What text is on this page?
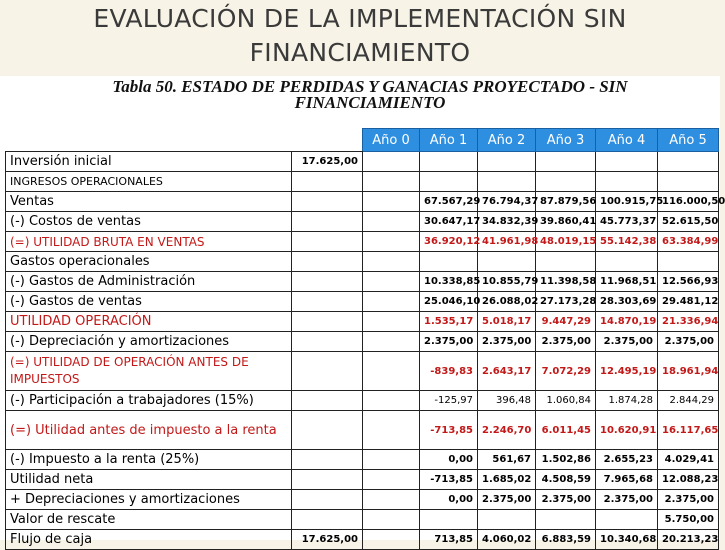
EVALUACIÓN DE LA IMPLEMENTACIÓN SIN
FINANCIAMIENTO
Tabla 50. ESTADO DE PERDIDAS Y GANACIAS PROYECTADO - SIN
FINANCIAMIENTO
		Año 0	Año 1	Año 2	Año 3	Año 4	Año 5
Inversión inicial	17.625,00						
INGRESOS OPERACIONALES							
Ventas			67.567,29	76.794,37	87.879,56	100.915,75	116.000,50
(-) Costos de ventas			30.647,17	34.832,39	39.860,41	45.773,37	52.615,50
(=) UTILIDAD BRUTA EN VENTAS			36.920,12	41.961,98	48.019,15	55.142,38	63.384,99
Gastos operacionales							
(-) Gastos de Administración			10.338,85	10.855,79	11.398,58	11.968,51	12.566,93
(-) Gastos de ventas			25.046,10	26.088,02	27.173,28	28.303,69	29.481,12
UTILIDAD OPERACIÓN			1.535,17	5.018,17	9.447,29	14.870,19	21.336,94
(-) Depreciación y amortizaciones			2.375,00	2.375,00	2.375,00	2.375,00	2.375,00
(=) UTILIDAD DE OPERACIÓN ANTES DE IMPUESTOS			-839,83	2.643,17	7.072,29	12.495,19	18.961,94
(-) Participación a trabajadores (15%)			-125,97	396,48	1.060,84	1.874,28	2.844,29
(=) Utilidad antes de impuesto a la renta			-713,85	2.246,70	6.011,45	10.620,91	16.117,65
(-) Impuesto a la renta (25%)			0,00	561,67	1.502,86	2.655,23	4.029,41
Utilidad neta			-713,85	1.685,02	4.508,59	7.965,68	12.088,23
+ Depreciaciones y amortizaciones			0,00	2.375,00	2.375,00	2.375,00	2.375,00
Valor de rescate							5.750,00
Flujo de caja	17.625,00		713,85	4.060,02	6.883,59	10.340,68	20.213,23
